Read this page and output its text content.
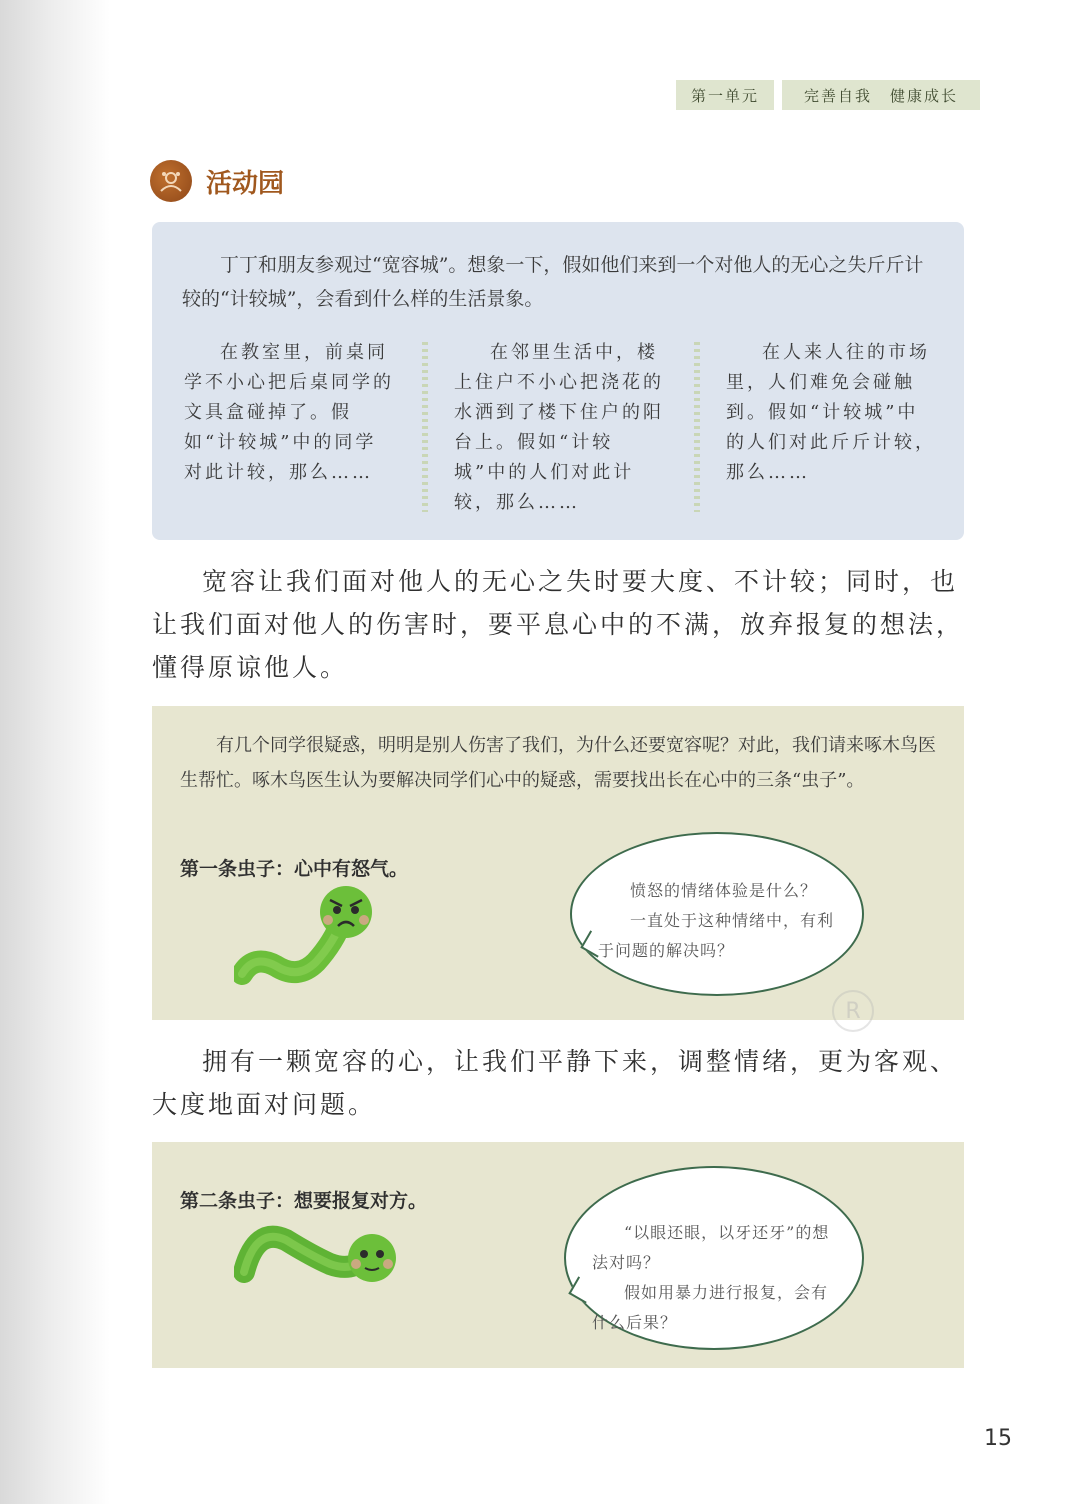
第一单元	完善自我 健康成长
活动园
丁丁和朋友参观过“宽容城”。想象一下，假如他们来到一个对他人的无心之失斤斤计较的“计较城”，会看到什么样的生活景象。
在教室里，前桌同学不小心把后桌同学的文具盒碰掉了。假如“计较城”中的同学对此计较，那么……
在邻里生活中，楼上住户不小心把浇花的水洒到了楼下住户的阳台上。假如“计较城”中的人们对此计较，那么……
在人来人往的市场里，人们难免会碰触到。假如“计较城”中的人们对此斤斤计较，那么……
宽容让我们面对他人的无心之失时要大度、不计较；同时，也让我们面对他人的伤害时，要平息心中的不满，放弃报复的想法，懂得原谅他人。
有几个同学很疑惑，明明是别人伤害了我们，为什么还要宽容呢？对此，我们请来啄木鸟医生帮忙。啄木鸟医生认为要解决同学们心中的疑惑，需要找出长在心中的三条“虫子”。
第一条虫子：心中有怒气。
愤怒的情绪体验是什么？
一直处于这种情绪中，有利于问题的解决吗？
R
拥有一颗宽容的心，让我们平静下来，调整情绪，更为客观、大度地面对问题。
第二条虫子：想要报复对方。
“以眼还眼，以牙还牙”的想法对吗？
假如用暴力进行报复，会有什么后果？
15
